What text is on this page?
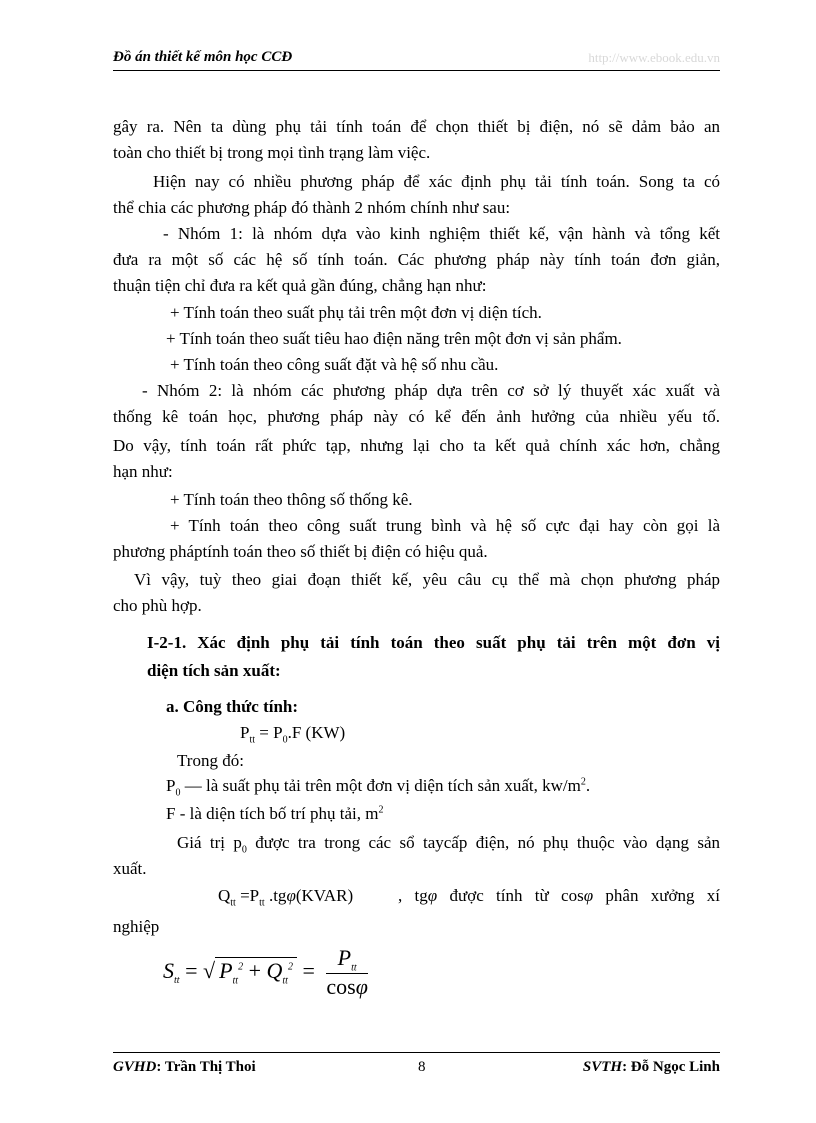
Đồ án thiết kế môn học CCĐ	http://www.ebook.edu.vn
gây ra. Nên ta dùng phụ tải tính toán để chọn thiết bị điện, nó sẽ dảm bảo an
toàn cho thiết bị trong mọi tình trạng làm việc.
Hiện nay có nhiều phương pháp để xác định phụ tải tính toán. Song ta có
thể chia các phương pháp đó thành 2 nhóm chính như sau:
- Nhóm 1: là nhóm dựa vào kinh nghiệm thiết kế, vận hành và tổng kết
đưa ra một số các hệ số tính toán. Các phương pháp này tính toán đơn giản,
thuận tiện chỉ đưa ra kết quả gần đúng, chẳng hạn như:
+ Tính toán theo suất phụ tải trên một đơn vị diện tích.
+ Tính toán theo suất tiêu hao điện năng trên một đơn vị sản phẩm.
+ Tính toán theo công suất đặt và hệ số nhu cầu.
- Nhóm 2: là nhóm các phương pháp dựa trên cơ sở lý thuyết xác xuất và
thống kê toán học, phương pháp này có kể đến ảnh hưởng của nhiều yếu tố.
Do vậy, tính toán rất phức tạp, nhưng lại cho ta kết quả chính xác hơn, chẳng
hạn như:
+ Tính toán theo thông số thống kê.
+ Tính toán theo công suất trung bình và hệ số cực đại hay còn gọi là
phương pháptính toán theo số thiết bị điện có hiệu quả.
Vì vậy, tuỳ theo giai đoạn thiết kế, yêu câu cụ thể mà chọn phương pháp
cho phù hợp.
I-2-1. Xác định phụ tải tính toán theo suất phụ tải trên một đơn vị
diện tích sản xuất:
a. Công thức tính:
$P_{tt} = P_0.F$ (KW)
Trong đó:
$P_0$ — là suất phụ tải trên một đơn vị diện tích sản xuất, $kw/m^2$.
F - là diện tích bố trí phụ tải, $m^2$
Giá trị $p_0$ được tra trong các sổ taycấp điện, nó phụ thuộc vào dạng sản
xuất.
$Q_{tt} =P_{tt}$ .tgφ(KVAR)	, tgφ được tính từ cosφ phân xưởng xí
nghiệp
$S_{tt}$ = √ $P_{tt}^2 + Q_{tt}^2 = \frac{P_{tt}}{\cos\varphi}$
GVHD: Trần Thị Thoi	8	SVTH: Đỗ Ngọc Linh
